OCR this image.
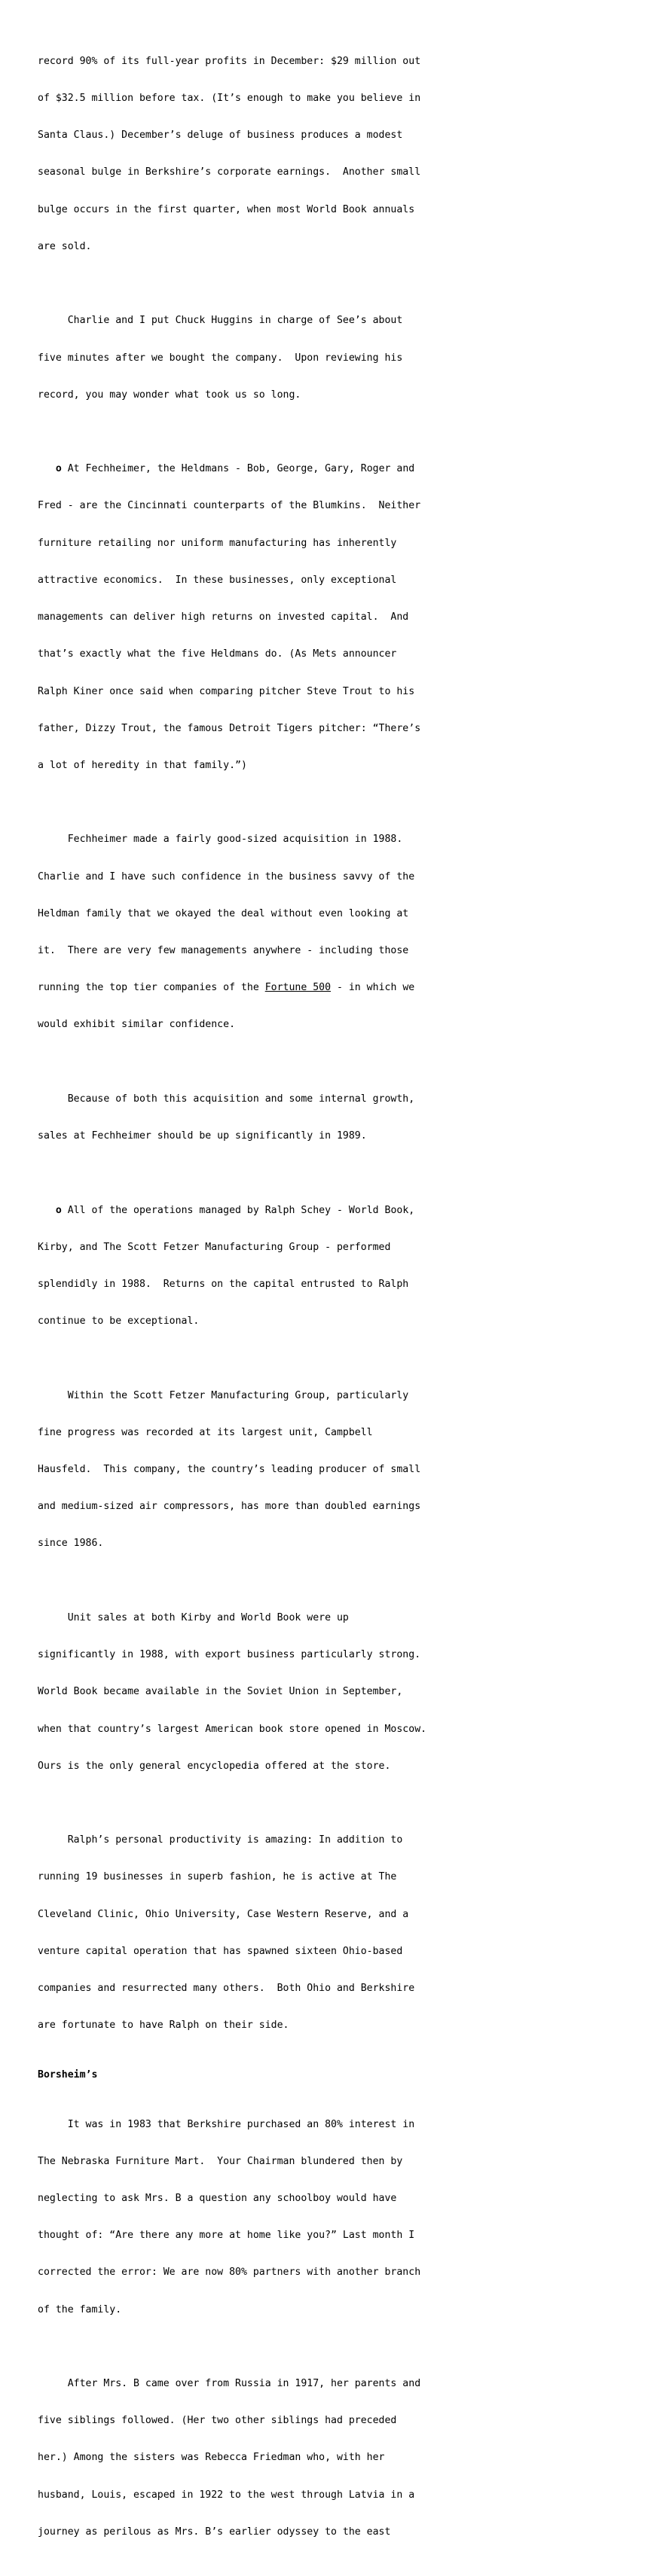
record 90% of its full-year profits in December: $29 million out

of $32.5 million before tax. (It’s enough to make you believe in

Santa Claus.) December’s deluge of business produces a modest

seasonal bulge in Berkshire’s corporate earnings.  Another small

bulge occurs in the first quarter, when most World Book annuals

are sold.

Charlie and I put Chuck Huggins in charge of See’s about

five minutes after we bought the company.  Upon reviewing his

record, you may wonder what took us so long.

o At Fechheimer, the Heldmans - Bob, George, Gary, Roger and

Fred - are the Cincinnati counterparts of the Blumkins.  Neither

furniture retailing nor uniform manufacturing has inherently

attractive economics.  In these businesses, only exceptional

managements can deliver high returns on invested capital.  And

that’s exactly what the five Heldmans do. (As Mets announcer

Ralph Kiner once said when comparing pitcher Steve Trout to his

father, Dizzy Trout, the famous Detroit Tigers pitcher: “There’s

a lot of heredity in that family.”)

Fechheimer made a fairly good-sized acquisition in 1988.

Charlie and I have such confidence in the business savvy of the

Heldman family that we okayed the deal without even looking at

it.  There are very few managements anywhere - including those

running the top tier companies of the Fortune 500 - in which we

would exhibit similar confidence.

Because of both this acquisition and some internal growth,

sales at Fechheimer should be up significantly in 1989.

o All of the operations managed by Ralph Schey - World Book,

Kirby, and The Scott Fetzer Manufacturing Group - performed

splendidly in 1988.  Returns on the capital entrusted to Ralph

continue to be exceptional.

Within the Scott Fetzer Manufacturing Group, particularly

fine progress was recorded at its largest unit, Campbell

Hausfeld.  This company, the country’s leading producer of small

and medium-sized air compressors, has more than doubled earnings

since 1986.

Unit sales at both Kirby and World Book were up

significantly in 1988, with export business particularly strong.

World Book became available in the Soviet Union in September,

when that country’s largest American book store opened in Moscow.

Ours is the only general encyclopedia offered at the store.

Ralph’s personal productivity is amazing: In addition to

running 19 businesses in superb fashion, he is active at The

Cleveland Clinic, Ohio University, Case Western Reserve, and a

venture capital operation that has spawned sixteen Ohio-based

companies and resurrected many others.  Both Ohio and Berkshire

are fortunate to have Ralph on their side.

Borsheim’s

It was in 1983 that Berkshire purchased an 80% interest in

The Nebraska Furniture Mart.  Your Chairman blundered then by

neglecting to ask Mrs. B a question any schoolboy would have

thought of: “Are there any more at home like you?” Last month I

corrected the error: We are now 80% partners with another branch

of the family.

After Mrs. B came over from Russia in 1917, her parents and

five siblings followed. (Her two other siblings had preceded

her.) Among the sisters was Rebecca Friedman who, with her

husband, Louis, escaped in 1922 to the west through Latvia in a

journey as perilous as Mrs. B’s earlier odyssey to the east
